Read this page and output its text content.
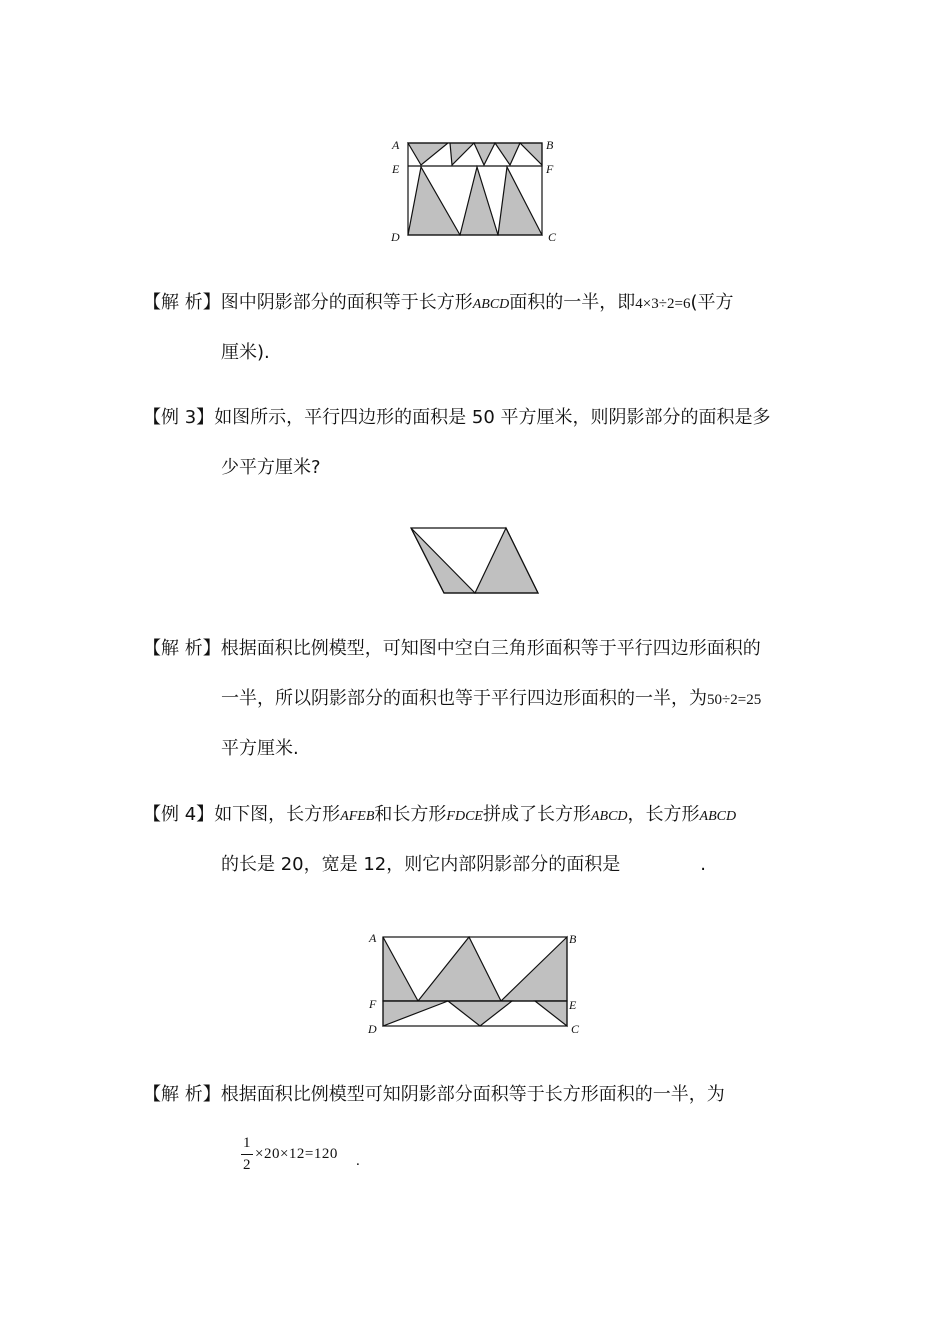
A	B
E	F
D	C
【解 析】图中阴影部分的面积等于长方形ABCD面积的一半，即4×3÷2=6(平方
厘米).
【例 3】如图所示，平行四边形的面积是 50 平方厘米，则阴影部分的面积是多
少平方厘米?
【解 析】根据面积比例模型，可知图中空白三角形面积等于平行四边形面积的
一半，所以阴影部分的面积也等于平行四边形面积的一半，为50÷2=25
平方厘米.
【例 4】如下图，长方形AFEB和长方形FDCE拼成了长方形ABCD，长方形ABCD
的长是 20，宽是 12，则它内部阴影部分的面积是	.
A	B
F	E
D	C
【解 析】根据面积比例模型可知阴影部分面积等于长方形面积的一半，为
1
2
×20×12=120 .
